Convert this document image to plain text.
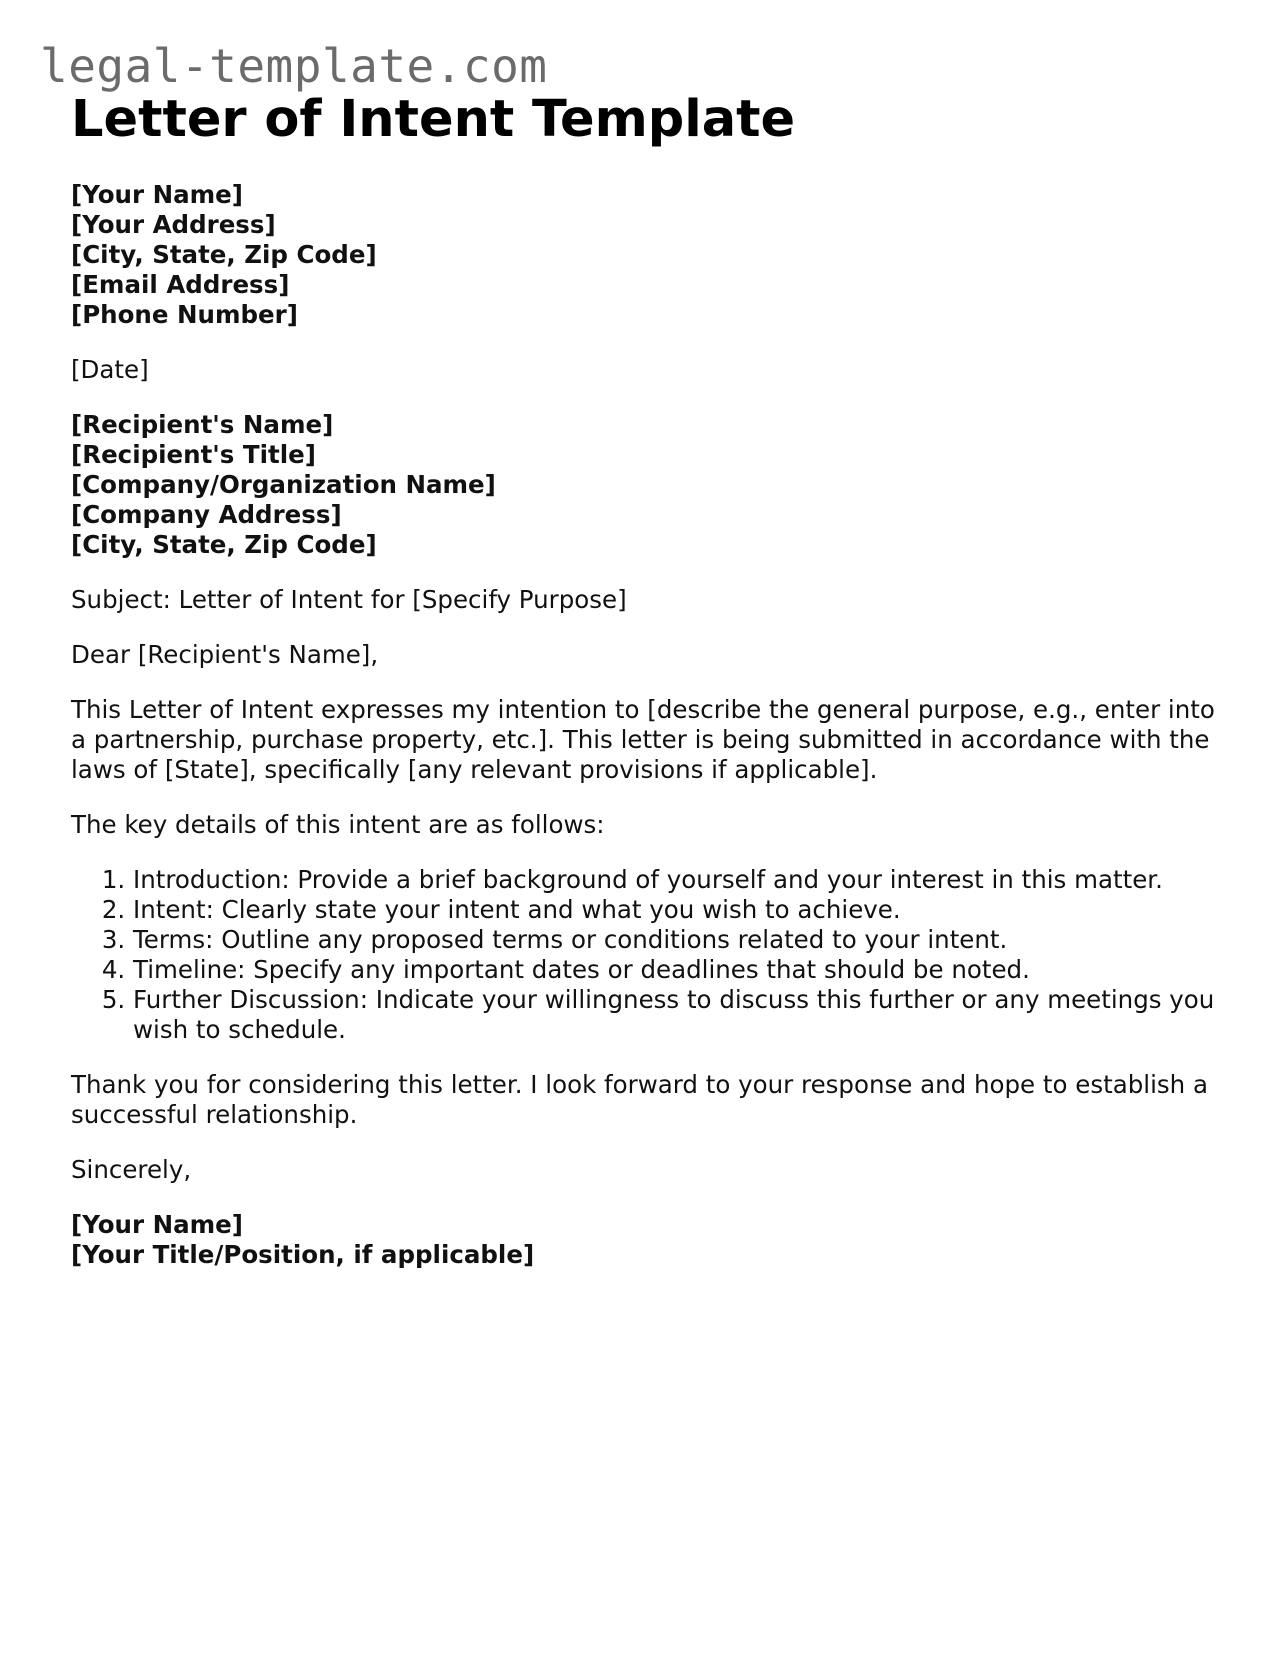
legal-template.com
Letter of Intent Template
[Your Name]
[Your Address]
[City, State, Zip Code]
[Email Address]
[Phone Number]
[Date]
[Recipient's Name]
[Recipient's Title]
[Company/Organization Name]
[Company Address]
[City, State, Zip Code]
Subject: Letter of Intent for [Specify Purpose]
Dear [Recipient's Name],
This Letter of Intent expresses my intention to [describe the general purpose, e.g., enter into a partnership, purchase property, etc.]. This letter is being submitted in accordance with the laws of [State], specifically [any relevant provisions if applicable].
The key details of this intent are as follows:
1. Introduction: Provide a brief background of yourself and your interest in this matter.
2. Intent: Clearly state your intent and what you wish to achieve.
3. Terms: Outline any proposed terms or conditions related to your intent.
4. Timeline: Specify any important dates or deadlines that should be noted.
5. Further Discussion: Indicate your willingness to discuss this further or any meetings you wish to schedule.
Thank you for considering this letter. I look forward to your response and hope to establish a successful relationship.
Sincerely,
[Your Name]
[Your Title/Position, if applicable]
